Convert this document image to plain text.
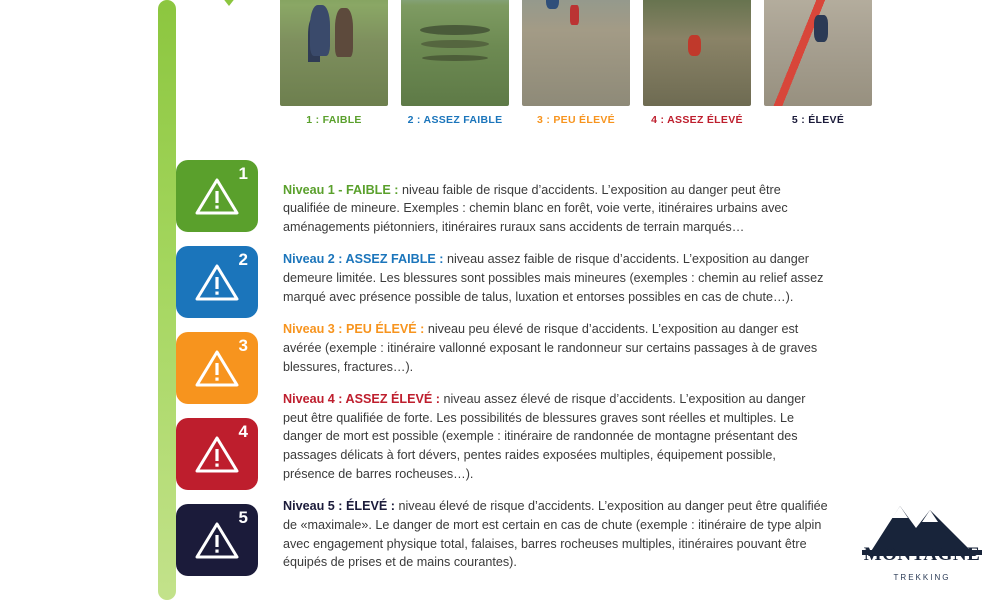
1 : FAIBLE	2 : ASSEZ FAIBLE	3 : PEU ÉLEVÉ	4 : ASSEZ ÉLEVÉ	5 : ÉLEVÉ
1
2
3
4
5

Niveau 1 - FAIBLE : niveau faible de risque d’accidents. L’exposition au danger peut être qualifiée de mineure. Exemples : chemin blanc en forêt, voie verte, itinéraires urbains avec aménagements piétonniers, itinéraires ruraux sans accidents de terrain marqués…

Niveau 2 : ASSEZ FAIBLE : niveau assez faible de risque d’accidents. L’exposition au danger demeure limitée. Les blessures sont possibles mais mineures (exemples : chemin au relief assez marqué avec présence possible de talus, luxation et entorses possibles en cas de chute…).

Niveau 3 : PEU ÉLEVÉ : niveau peu élevé de risque d’accidents. L’exposition au danger est avérée (exemple : itinéraire vallonné exposant le randonneur sur certains passages à de graves blessures, fractures…).

Niveau 4 : ASSEZ ÉLEVÉ : niveau assez élevé de risque d’accidents. L’exposition au danger peut être qualifiée de forte. Les possibilités de blessures graves sont réelles et multiples. Le danger de mort est possible (exemple : itinéraire de randonnée de montagne présentant des passages délicats à fort dévers, pentes raides exposées multiples, équipement possible, présence de barres rocheuses…).

Niveau 5 : ÉLEVÉ : niveau élevé de risque d’accidents. L’exposition au danger peut être qualifiée de «maximale». Le danger de mort est certain en cas de chute (exemple : itinéraire de type alpin avec engagement physique total, falaises, barres rocheuses multiples, itinéraires pouvant être équipés de prises et de mains courantes).	MONTAGNE
TREKKING
